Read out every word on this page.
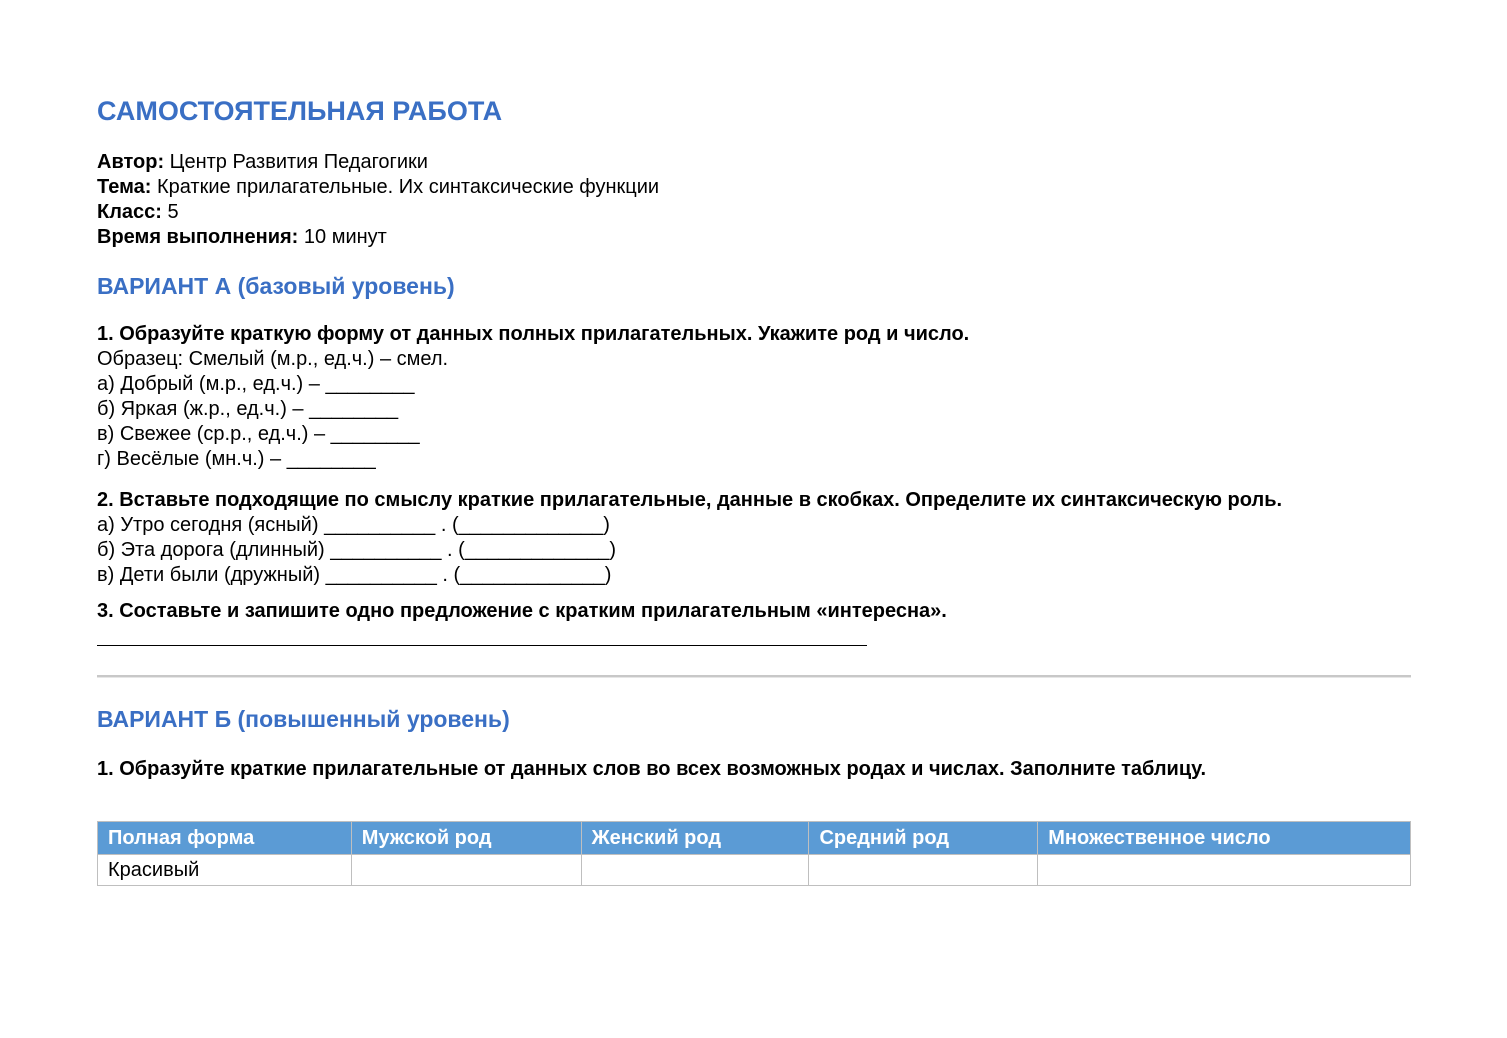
САМОСТОЯТЕЛЬНАЯ РАБОТА
Автор: Центр Развития Педагогики
Тема: Краткие прилагательные. Их синтаксические функции
Класс: 5
Время выполнения: 10 минут
ВАРИАНТ А (базовый уровень)
1. Образуйте краткую форму от данных полных прилагательных. Укажите род и число.
Образец: Смелый (м.р., ед.ч.) – смел.
а) Добрый (м.р., ед.ч.) – ________
б) Яркая (ж.р., ед.ч.) – ________
в) Свежее (ср.р., ед.ч.) – ________
г) Весёлые (мн.ч.) – ________
2. Вставьте подходящие по смыслу краткие прилагательные, данные в скобках. Определите их синтаксическую роль.
а) Утро сегодня (ясный) __________ . (_____________)
б) Эта дорога (длинный) __________ . (_____________)
в) Дети были (дружный) __________ . (_____________)
3. Составьте и запишите одно предложение с кратким прилагательным «интересна».
ВАРИАНТ Б (повышенный уровень)
1. Образуйте краткие прилагательные от данных слов во всех возможных родах и числах. Заполните таблицу.
Полная форма	Мужской род	Женский род	Средний род	Множественное число
Красивый				
